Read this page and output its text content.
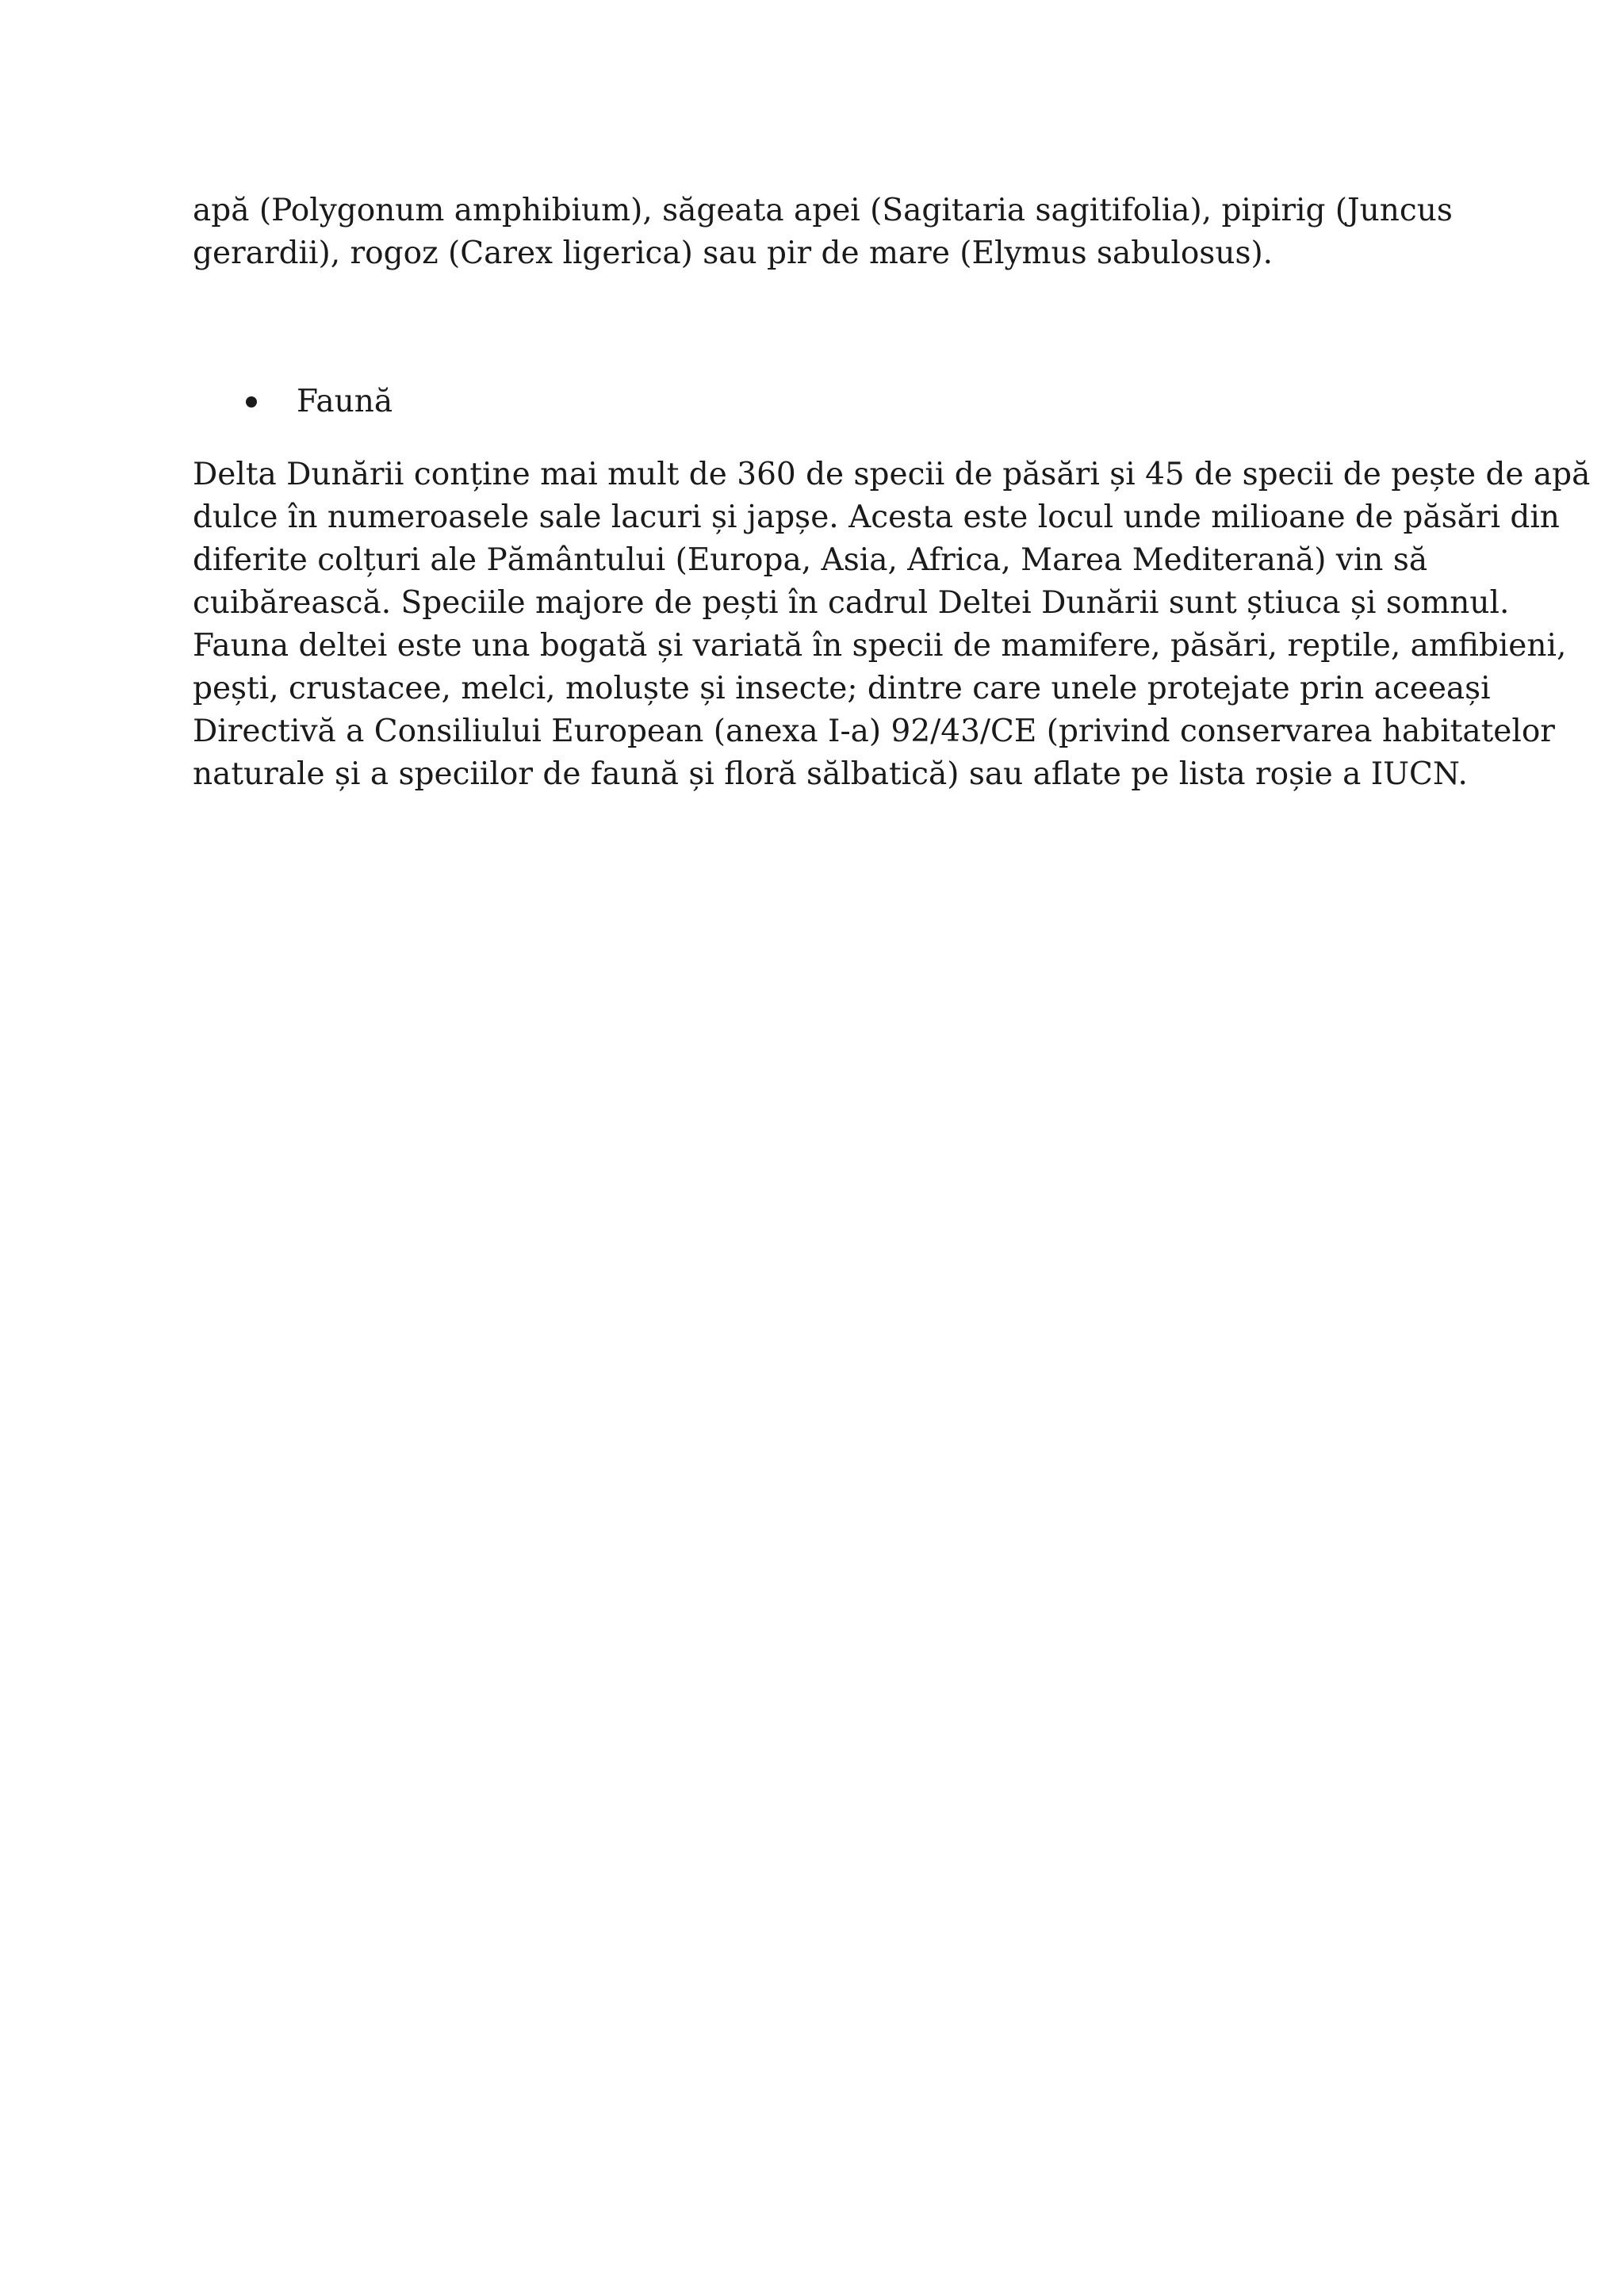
apă (Polygonum amphibium), săgeata apei (Sagitaria sagitifolia), pipirig (Juncus
gerardii), rogoz (Carex ligerica) sau pir de mare (Elymus sabulosus).

Faună

Delta Dunării conține mai mult de 360 de specii de păsări și 45 de specii de pește de apă
dulce în numeroasele sale lacuri și japșe. Acesta este locul unde milioane de păsări din
diferite colțuri ale Pământului (Europa, Asia, Africa, Marea Mediterană) vin să
cuibărească. Speciile majore de pești în cadrul Deltei Dunării sunt știuca și somnul.
Fauna deltei este una bogată și variată în specii de mamifere, păsări, reptile, amfibieni,
pești, crustacee, melci, moluște și insecte; dintre care unele protejate prin aceeași
Directivă a Consiliului European (anexa I-a) 92/43/CE (privind conservarea habitatelor
naturale și a speciilor de faună și floră sălbatică) sau aflate pe lista roșie a IUCN.
